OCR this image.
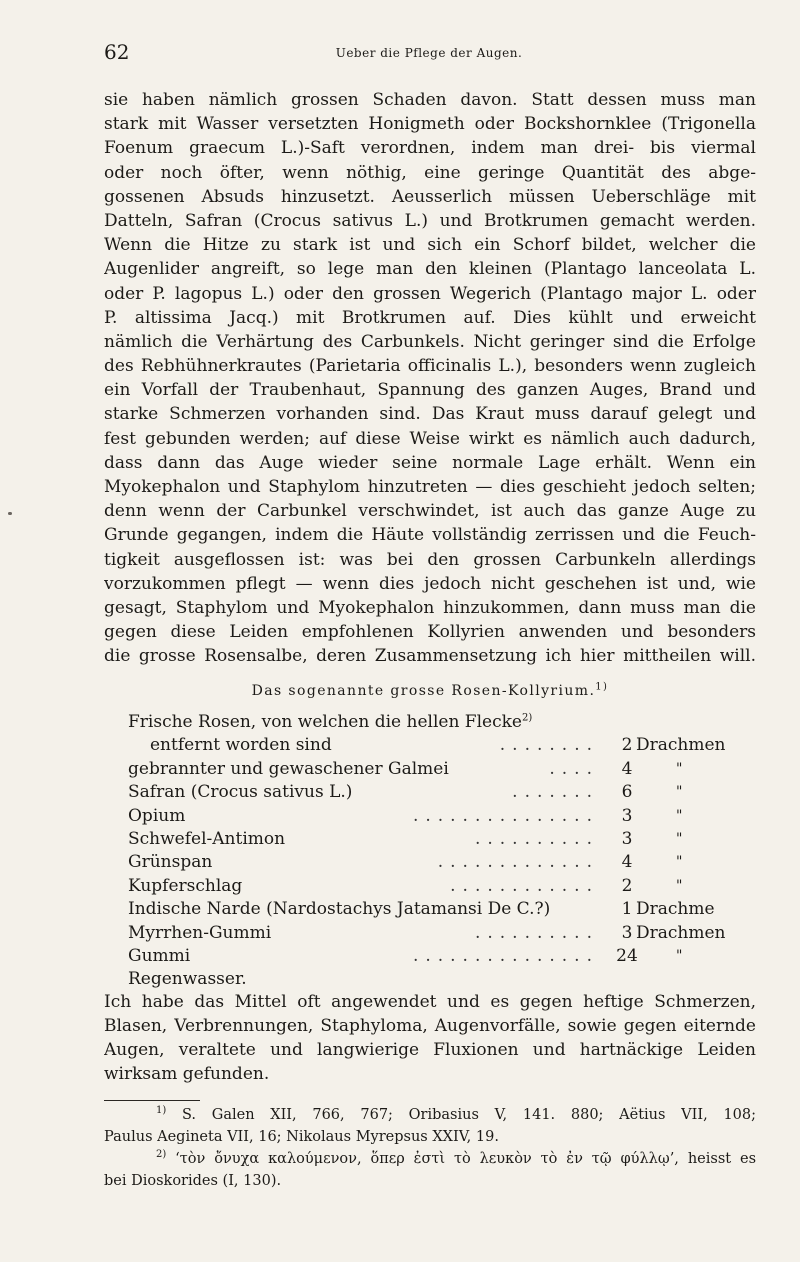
62	Ueber die Pflege der Augen.
sie haben nämlich grossen Schaden davon. Statt dessen muss man
stark mit Wasser versetzten Honigmeth oder Bockshornklee (Trigonella
Foenum graecum L.)-Saft verordnen, indem man drei- bis viermal
oder noch öfter, wenn nöthig, eine geringe Quantität des abge-
gossenen Absuds hinzusetzt. Aeusserlich müssen Ueberschläge mit
Datteln, Safran (Crocus sativus L.) und Brotkrumen gemacht werden.
Wenn die Hitze zu stark ist und sich ein Schorf bildet, welcher die
Augenlider angreift, so lege man den kleinen (Plantago lanceolata L.
oder P. lagopus L.) oder den grossen Wegerich (Plantago major L. oder
P. altissima Jacq.) mit Brotkrumen auf. Dies kühlt und erweicht
nämlich die Verhärtung des Carbunkels. Nicht geringer sind die Erfolge
des Rebhühnerkrautes (Parietaria officinalis L.), besonders wenn zugleich
ein Vorfall der Traubenhaut, Spannung des ganzen Auges, Brand und
starke Schmerzen vorhanden sind. Das Kraut muss darauf gelegt und
fest gebunden werden; auf diese Weise wirkt es nämlich auch dadurch,
dass dann das Auge wieder seine normale Lage erhält. Wenn ein
Myokephalon und Staphylom hinzutreten — dies geschieht jedoch selten;
denn wenn der Carbunkel verschwindet, ist auch das ganze Auge zu
Grunde gegangen, indem die Häute vollständig zerrissen und die Feuch-
tigkeit ausgeflossen ist: was bei den grossen Carbunkeln allerdings
vorzukommen pflegt — wenn dies jedoch nicht geschehen ist und, wie
gesagt, Staphylom und Myokephalon hinzukommen, dann muss man die
gegen diese Leiden empfohlenen Kollyrien anwenden und besonders
die grosse Rosensalbe, deren Zusammensetzung ich hier mittheilen will.
Das sogenannte grosse Rosen-Kollyrium.$^{1)}$
Frische Rosen, von welchen die hellen Flecke$^{2)}$
entfernt worden sind	........	2 Drachmen
gebrannter und gewaschener Galmei	....	4	"
Safran (Crocus sativus L.)	.......	6	"
Opium	...............	3	"
Schwefel-Antimon	..........	3	"
Grünspan	.............	4	"
Kupferschlag	............	2	"
Indische Narde (Nardostachys Jatamansi De C.?)	1 Drachme
Myrrhen-Gummi	..........	3 Drachmen
Gummi	............... 24	"
Regenwasser.
Ich habe das Mittel oft angewendet und es gegen heftige Schmerzen,
Blasen, Verbrennungen, Staphyloma, Augenvorfälle, sowie gegen eiternde
Augen, veraltete und langwierige Fluxionen und hartnäckige Leiden
wirksam gefunden.
$^{1)}$ S. Galen XII, 766, 767; Oribasius V, 141. 880; Aëtius VII, 108;
Paulus Aegineta VII, 16; Nikolaus Myrepsus XXIV, 19.
$^{2)}$ ‘τὸν ὄνυχα καλούμενον, ὅπερ ἐστὶ τὸ λευκὸν τὸ ἐν τῷ φύλλῳ’, heisst es
bei Dioskorides (I, 130).
